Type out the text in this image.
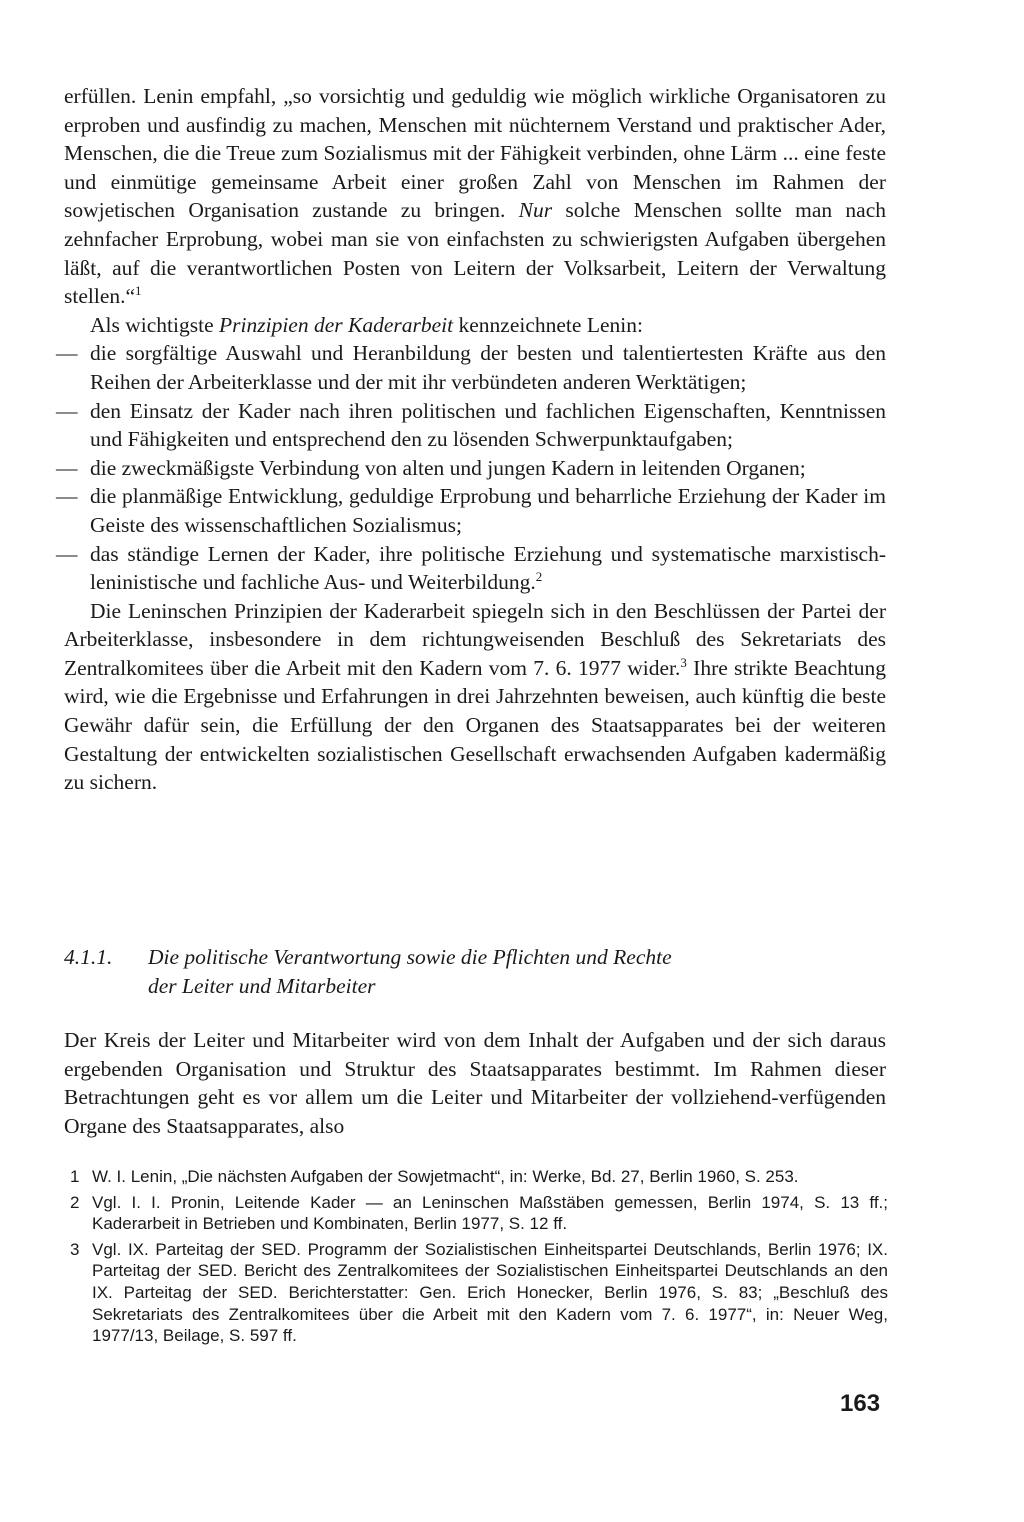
erfüllen. Lenin empfahl, „so vorsichtig und geduldig wie möglich wirkliche Organisatoren zu erproben und ausfindig zu machen, Menschen mit nüchternem Verstand und praktischer Ader, Menschen, die die Treue zum Sozialismus mit der Fähigkeit verbinden, ohne Lärm ... eine feste und einmütige gemeinsame Arbeit einer großen Zahl von Menschen im Rahmen der sowjetischen Organisation zustande zu bringen. Nur solche Menschen sollte man nach zehnfacher Erprobung, wobei man sie von einfachsten zu schwierigsten Aufgaben übergehen läßt, auf die verantwortlichen Posten von Leitern der Volksarbeit, Leitern der Verwaltung stellen.“$^1$

Als wichtigste Prinzipien der Kaderarbeit kennzeichnete Lenin:

— die sorgfältige Auswahl und Heranbildung der besten und talentiertesten Kräfte aus den Reihen der Arbeiterklasse und der mit ihr verbündeten anderen Werktätigen;
— den Einsatz der Kader nach ihren politischen und fachlichen Eigenschaften, Kenntnissen und Fähigkeiten und entsprechend den zu lösenden Schwerpunktaufgaben;
— die zweckmäßigste Verbindung von alten und jungen Kadern in leitenden Organen;
— die planmäßige Entwicklung, geduldige Erprobung und beharrliche Erziehung der Kader im Geiste des wissenschaftlichen Sozialismus;
— das ständige Lernen der Kader, ihre politische Erziehung und systematische marxistisch-leninistische und fachliche Aus- und Weiterbildung.$^2$

Die Leninschen Prinzipien der Kaderarbeit spiegeln sich in den Beschlüssen der Partei der Arbeiterklasse, insbesondere in dem richtungweisenden Beschluß des Sekretariats des Zentralkomitees über die Arbeit mit den Kadern vom 7. 6. 1977 wider.$^3$ Ihre strikte Beachtung wird, wie die Ergebnisse und Erfahrungen in drei Jahrzehnten beweisen, auch künftig die beste Gewähr dafür sein, die Erfüllung der den Organen des Staatsapparates bei der weiteren Gestaltung der entwickelten sozialistischen Gesellschaft erwachsenden Aufgaben kadermäßig zu sichern.

4.1.1. Die politische Verantwortung sowie die Pflichten und Rechte
der Leiter und Mitarbeiter

Der Kreis der Leiter und Mitarbeiter wird von dem Inhalt der Aufgaben und der sich daraus ergebenden Organisation und Struktur des Staatsapparates bestimmt. Im Rahmen dieser Betrachtungen geht es vor allem um die Leiter und Mitarbeiter der vollziehend-verfügenden Organe des Staatsapparates, also

1 W. I. Lenin, „Die nächsten Aufgaben der Sowjetmacht“, in: Werke, Bd. 27, Berlin 1960, S. 253.

2 Vgl. I. I. Pronin, Leitende Kader — an Leninschen Maßstäben gemessen, Berlin 1974, S. 13 ff.; Kaderarbeit in Betrieben und Kombinaten, Berlin 1977, S. 12 ff.

3 Vgl. IX. Parteitag der SED. Programm der Sozialistischen Einheitspartei Deutschlands, Berlin 1976; IX. Parteitag der SED. Bericht des Zentralkomitees der Sozialistischen Einheitspartei Deutschlands an den IX. Parteitag der SED. Berichterstatter: Gen. Erich Honecker, Berlin 1976, S. 83; „Beschluß des Sekretariats des Zentralkomitees über die Arbeit mit den Kadern vom 7. 6. 1977“, in: Neuer Weg, 1977/13, Beilage, S. 597 ff.

163
